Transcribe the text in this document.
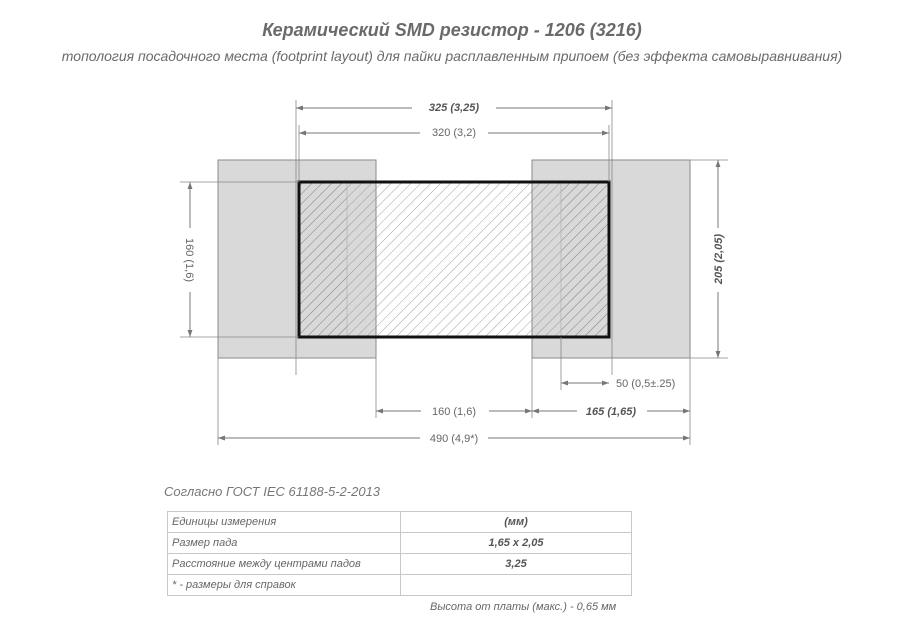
Керамический SMD резистор - 1206 (3216)
топология посадочного места (footprint layout) для пайки расплавленным припоем (без эффекта самовыравнивания)
325 (3,25)
320 (3,2)
160 (1,6)	205 (2,05)
50 (0,5±.25)
160 (1,6)	165 (1,65)
490 (4,9*)
Согласно ГОСТ IEC 61188-5-2-2013
Единицы измерения	(мм)
Размер пада	1,65 x 2,05
Расстояние между центрами падов	3,25
* - размеры для справок	
Высота от платы (макс.) - 0,65 мм
